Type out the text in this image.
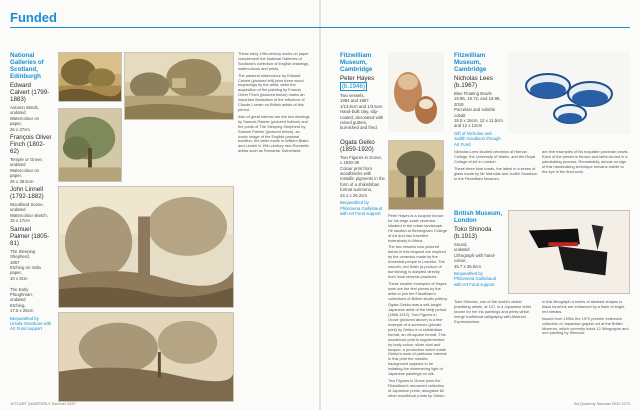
Funded
National Galleries of Scotland, Edinburgh
Edward Calvert (1799-1883)
Autumn Winds,
undated
Watercolour on paper,
26 x 37cm
François Oliver Finch (1802-62)
Temple or Grove,
undated
Watercolour on paper,
26 x 38.5cm
John Linnell (1792-1882)
Woodland Scene,
undated
Watercolour sketch,
15 x 17cm
Samuel Palmer (1805-81)
The Sleeping Shepherd,
1857
Etching on India paper,
10 x 8cm

The Early Ploughman,
undated
Etching,
17.5 x 25cm
Bequeathed by Ursula Overdone with Art Fund support

These early 19th-century works on paper complement the National Galleries of Scotland's collection of English drawings, watercolours and prints.

The pastoral watercolour by Edward Calvert (pictured left) joins three wood engravings by the artist, while the acquisition of the painting by Francis Oliver Finch (pictured below) marks an important illustration of the influence of Claude Lorrain on British artists of this period.

Also of great interest are the two etchings by Samuel Palmer (pictured bottom) and the prints of The Sleeping Shepherd by Samuel Palmer (pictured below), an iconic image of the English pastoral tradition, the latter made in William Blake and Linnell in 19th-century neo-Romantic artists such as Romantic Sutherland.

Fitzwilliam Museum, Cambridge
Peter Hayes
(b.1946)
Two vessels,
1984 and 1987
1/13.5cm and 1/3.5cm
Hand-built clay, slip-coated, decorated with raised gutters, burnished and fired.
Ogata Geiko (1859-1920)
Two Figures in Grove,
c.1930-39
Colour print from woodblocks with metallic pigments in the form of a shikishiban format surimono,
24.1 x 25.2cm
Bequeathed by Philomena Guillebaud with Art Fund support	Peter Hayes is a sculptor known for his large-scale ceramics situated in the urban landscape. He studied at Birmingham College of Art and has travelled extensively in Africa.

The two vessels now pictured below in this bequest are inspired by the ceramics made by the Ancestral people in Lesotho. The smooth, red finish (a product of burnishing) is adapted directly from local ceramic practices.

These smaller examples of Hayes work are the first pieces by the artist to join the Fitzwilliam's collections of British studio pottery.

Ogata Gekko was a self-taught Japanese artist of the Meiji period (1868-1912). Two Figures in Grove (pictured above) is a fine example of a surimono (private print) by Gekko in a shikishiban format, an oft-square format. This woodblock print is supplemented by body colour, silver dust and lacquer, a production which made Gekko's work of particular interest. In this print the metallic background appears to be imitating the shimmering light of Japanese paintings on silk.

Two Figures in Grove joins the Fitzwilliam's renowned collection of Japanese prints, alongside 82 other woodblock prints by Gekko.

Fitzwilliam Museum, Cambridge
Nicholas Lees (b.1967)
Blue Floating Bowls
19.86, 19.72, and 19.88,
2019
Porcelain and soluble cobalt
18.5 x 15cm, 12 x 11.5cm and 12 x 12cm
Gift of Nicholas and Judith Goodison through Art Fund

Nicholas Lees studied ceramics at Harrow College, the University of Wales, and the Royal College of Art in London.

These three blue bowls, the latest in a series of glass made by Mr Nicholas and Judith Goodison to the Fitzwilliam Museum.

are fine examples of his exquisite porcelain bowls. Each of the pieces is thrown and lathe-turned in a painstaking process. Remarkably, almost no sign of this handmaking technique remains visible to the eye in the final work.

British Museum, London
Toko Shinoda (b.1913)
Sound,
undated
Lithograph with hand-colour,
45.7 x 35.6cm
Bequeathed by Philomena Guillebaud with Art Fund support

Toko Shinoda, one of the world's oldest practising artists, at 107, is a Japanese artist known for her ink paintings and prints which merge traditional calligraphy with Abstract Expressionism.

In this lithograph a series of abstract shapes in black tonal ink are enhanced by a flash of bright red streaks.

Issued from 1990s the 1970 premier extensive collection of Japanese graphic art at the British Museum, which currently holds 12 lithographs and one painting by Shinoda.

1073 ART QUARTERLY Summer 2020	Art Quarterly Summer 2020 1073
